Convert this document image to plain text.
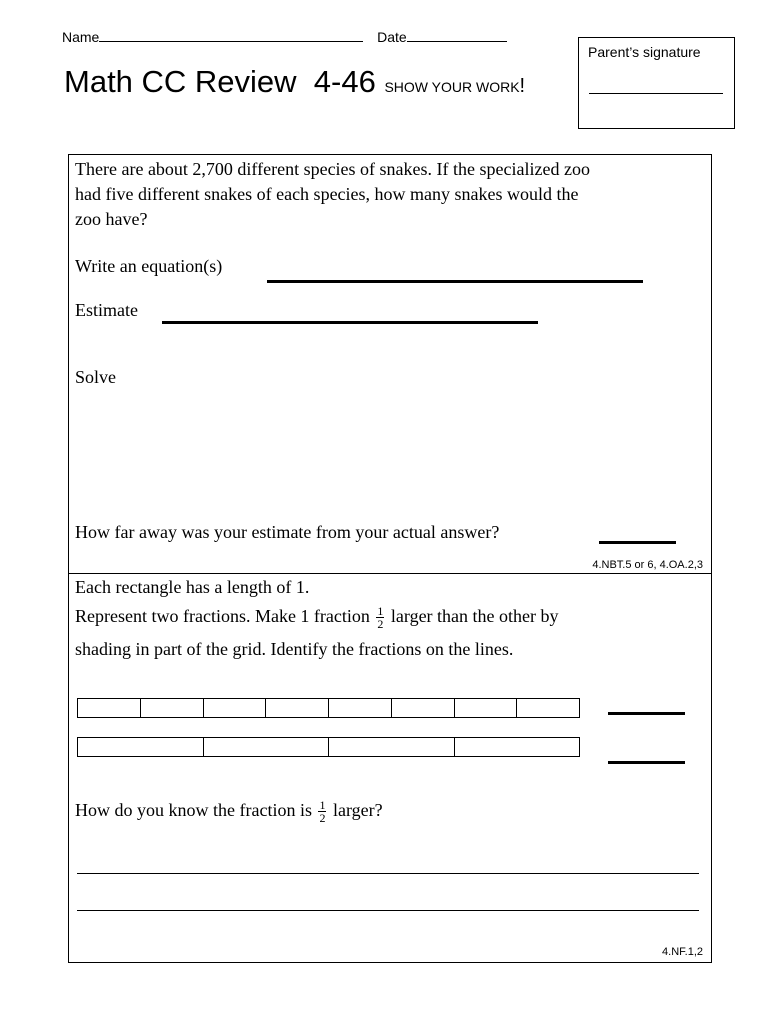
Name	Date
Math CC Review  4-46 SHOW YOUR WORK!
Parent’s signature
There are about 2,700 different species of snakes. If the specialized zoo
had five different snakes of each species, how many snakes would the
zoo have?
Write an equation(s)
Estimate
Solve
How far away was your estimate from your actual answer?
4.NBT.5 or 6, 4.OA.2,3
Each rectangle has a length of 1.
Represent two fractions. Make 1 fraction $\frac{1}{2}$ larger than the other by
shading in part of the grid. Identify the fractions on the lines.
How do you know the fraction is $\frac{1}{2}$ larger?
4.NF.1,2
